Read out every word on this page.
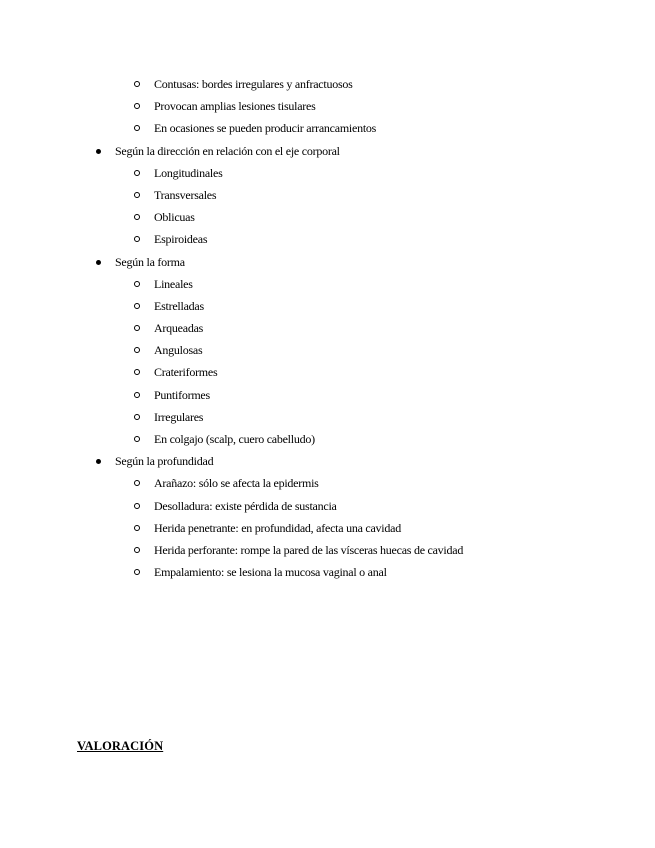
Contusas: bordes irregulares y anfractuosos
Provocan amplias lesiones tisulares
En ocasiones se pueden producir arrancamientos
Según la dirección en relación con el eje corporal
Longitudinales
Transversales
Oblicuas
Espiroideas
Según la forma
Lineales
Estrelladas
Arqueadas
Angulosas
Crateriformes
Puntiformes
Irregulares
En colgajo (scalp, cuero cabelludo)
Según la profundidad
Arañazo: sólo se afecta la epidermis
Desolladura: existe pérdida de sustancia
Herida penetrante: en profundidad, afecta una cavidad
Herida perforante: rompe la pared de las vísceras huecas de cavidad
Empalamiento: se lesiona la mucosa vaginal o anal
VALORACIÓN
